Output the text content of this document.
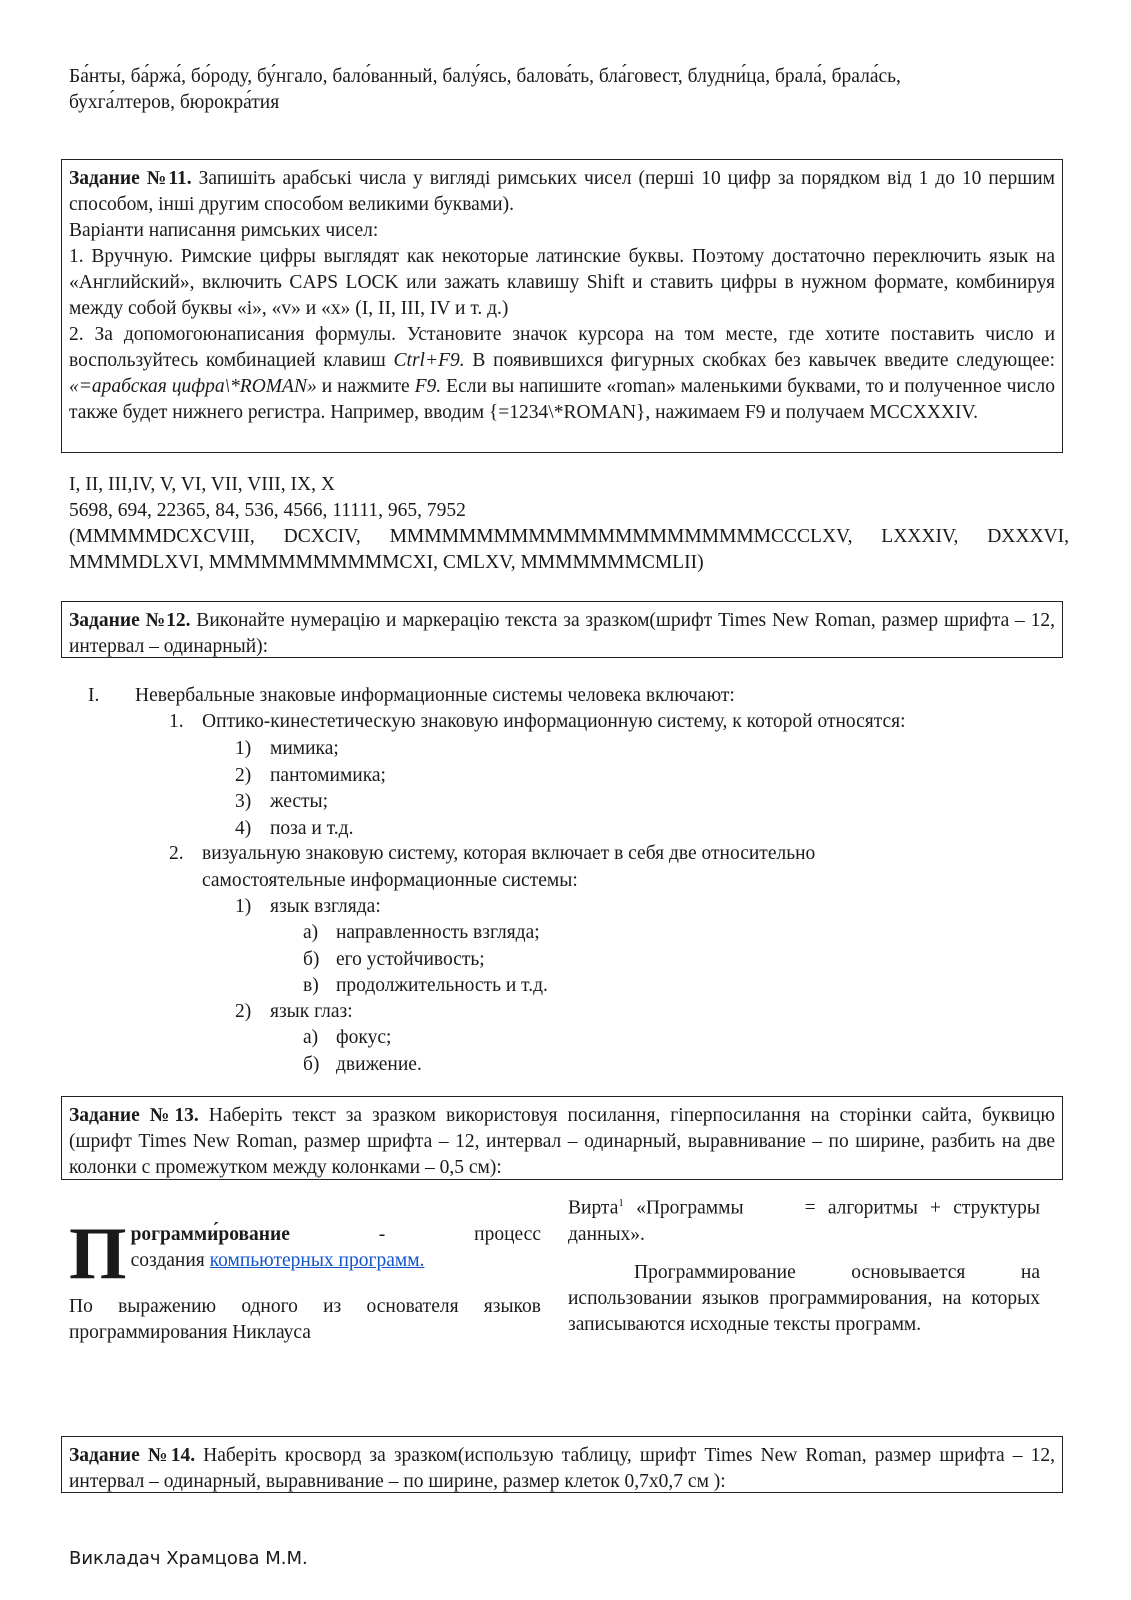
Ба́нты, ба́ржа́, бо́роду, бу́нгало, бало́ванный, балу́ясь, балова́ть, бла́говест, блудни́ца, брала́, брала́сь,
бухга́лтеров, бюрокра́тия
Задание №11. Запишіть арабські числа у вигляді римських чисел (перші 10 цифр за порядком від 1 до 10 першим способом, інші другим способом великими буквами).
Варіанти написання римських чисел:
1. Вручную. Римские цифры выглядят как некоторые латинские буквы. Поэтому достаточно переключить язык на «Английский», включить CAPS LOCK или зажать клавишу Shift и ставить цифры в нужном формате, комбинируя между собой буквы «i», «v» и «x» (I, II, III, IV и т. д.)
2. За допомогоюнаписания формулы. Установите значок курсора на том месте, где хотите поставить число и воспользуйтесь комбинацией клавиш Ctrl+F9. В появившихся фигурных скобках без кавычек введите следующее: «=арабская цифра\*ROMAN» и нажмите F9. Если вы напишите «roman» маленькими буквами, то и полученное число также будет нижнего регистра. Например, вводим {=1234\*ROMAN}, нажимаем F9 и получаем MCCXXXIV.
I, II, III,IV, V, VI, VII, VIII, IX, X
5698, 694, 22365, 84, 536, 4566, 11111, 965, 7952
(MMMMMDCXCVIII, DCXCIV, MMMMMMMMMMMMMMMMMMMMMMCCCLXV, LXXXIV, DXXXVI, MMMMDLXVI, MMMMMMMMMMMCXI, CMLXV, MMMMMMMCMLII)
Задание №12. Виконайте нумерацію и маркерацію текста за зразком(шрифт Times New Roman, размер шрифта – 12, интервал – одинарный):
I. Невербальные знаковые информационные системы человека включают:
1. Оптико-кинестетическую знаковую информационную систему, к которой относятся:
1) мимика;
2) пантомимика;
3) жесты;
4) поза и т.д.
2. визуальную знаковую систему, которая включает в себя две относительно
самостоятельные информационные системы:
1) язык взгляда:
а) направленность взгляда;
б) его устойчивость;
в) продолжительность и т.д.
2) язык глаз:
а) фокус;
б) движение.
Задание №13. Наберіть текст за зразком використовуя посилання, гіперпосилання на сторінки сайта, буквицю (шрифт Times New Roman, размер шрифта – 12, интервал – одинарный, выравнивание – по ширине, разбить на две колонки с промежутком между колонками – 0,5 см):
П рограмми́рование	-	процесс
создания компьютерных программ.
По выражению одного из основателя языков программирования Никлауса
Вирта$^1$ «Программы     = алгоритмы + структуры данных».
Программирование основывается на использовании языков программирования, на которых записываются исходные тексты программ.
Задание №14. Наберіть кросворд за зразком(использую таблицу, шрифт Times New Roman, размер шрифта – 12, интервал – одинарный, выравнивание – по ширине, размер клеток 0,7x0,7 см ):
Викладач Храмцова М.М.
